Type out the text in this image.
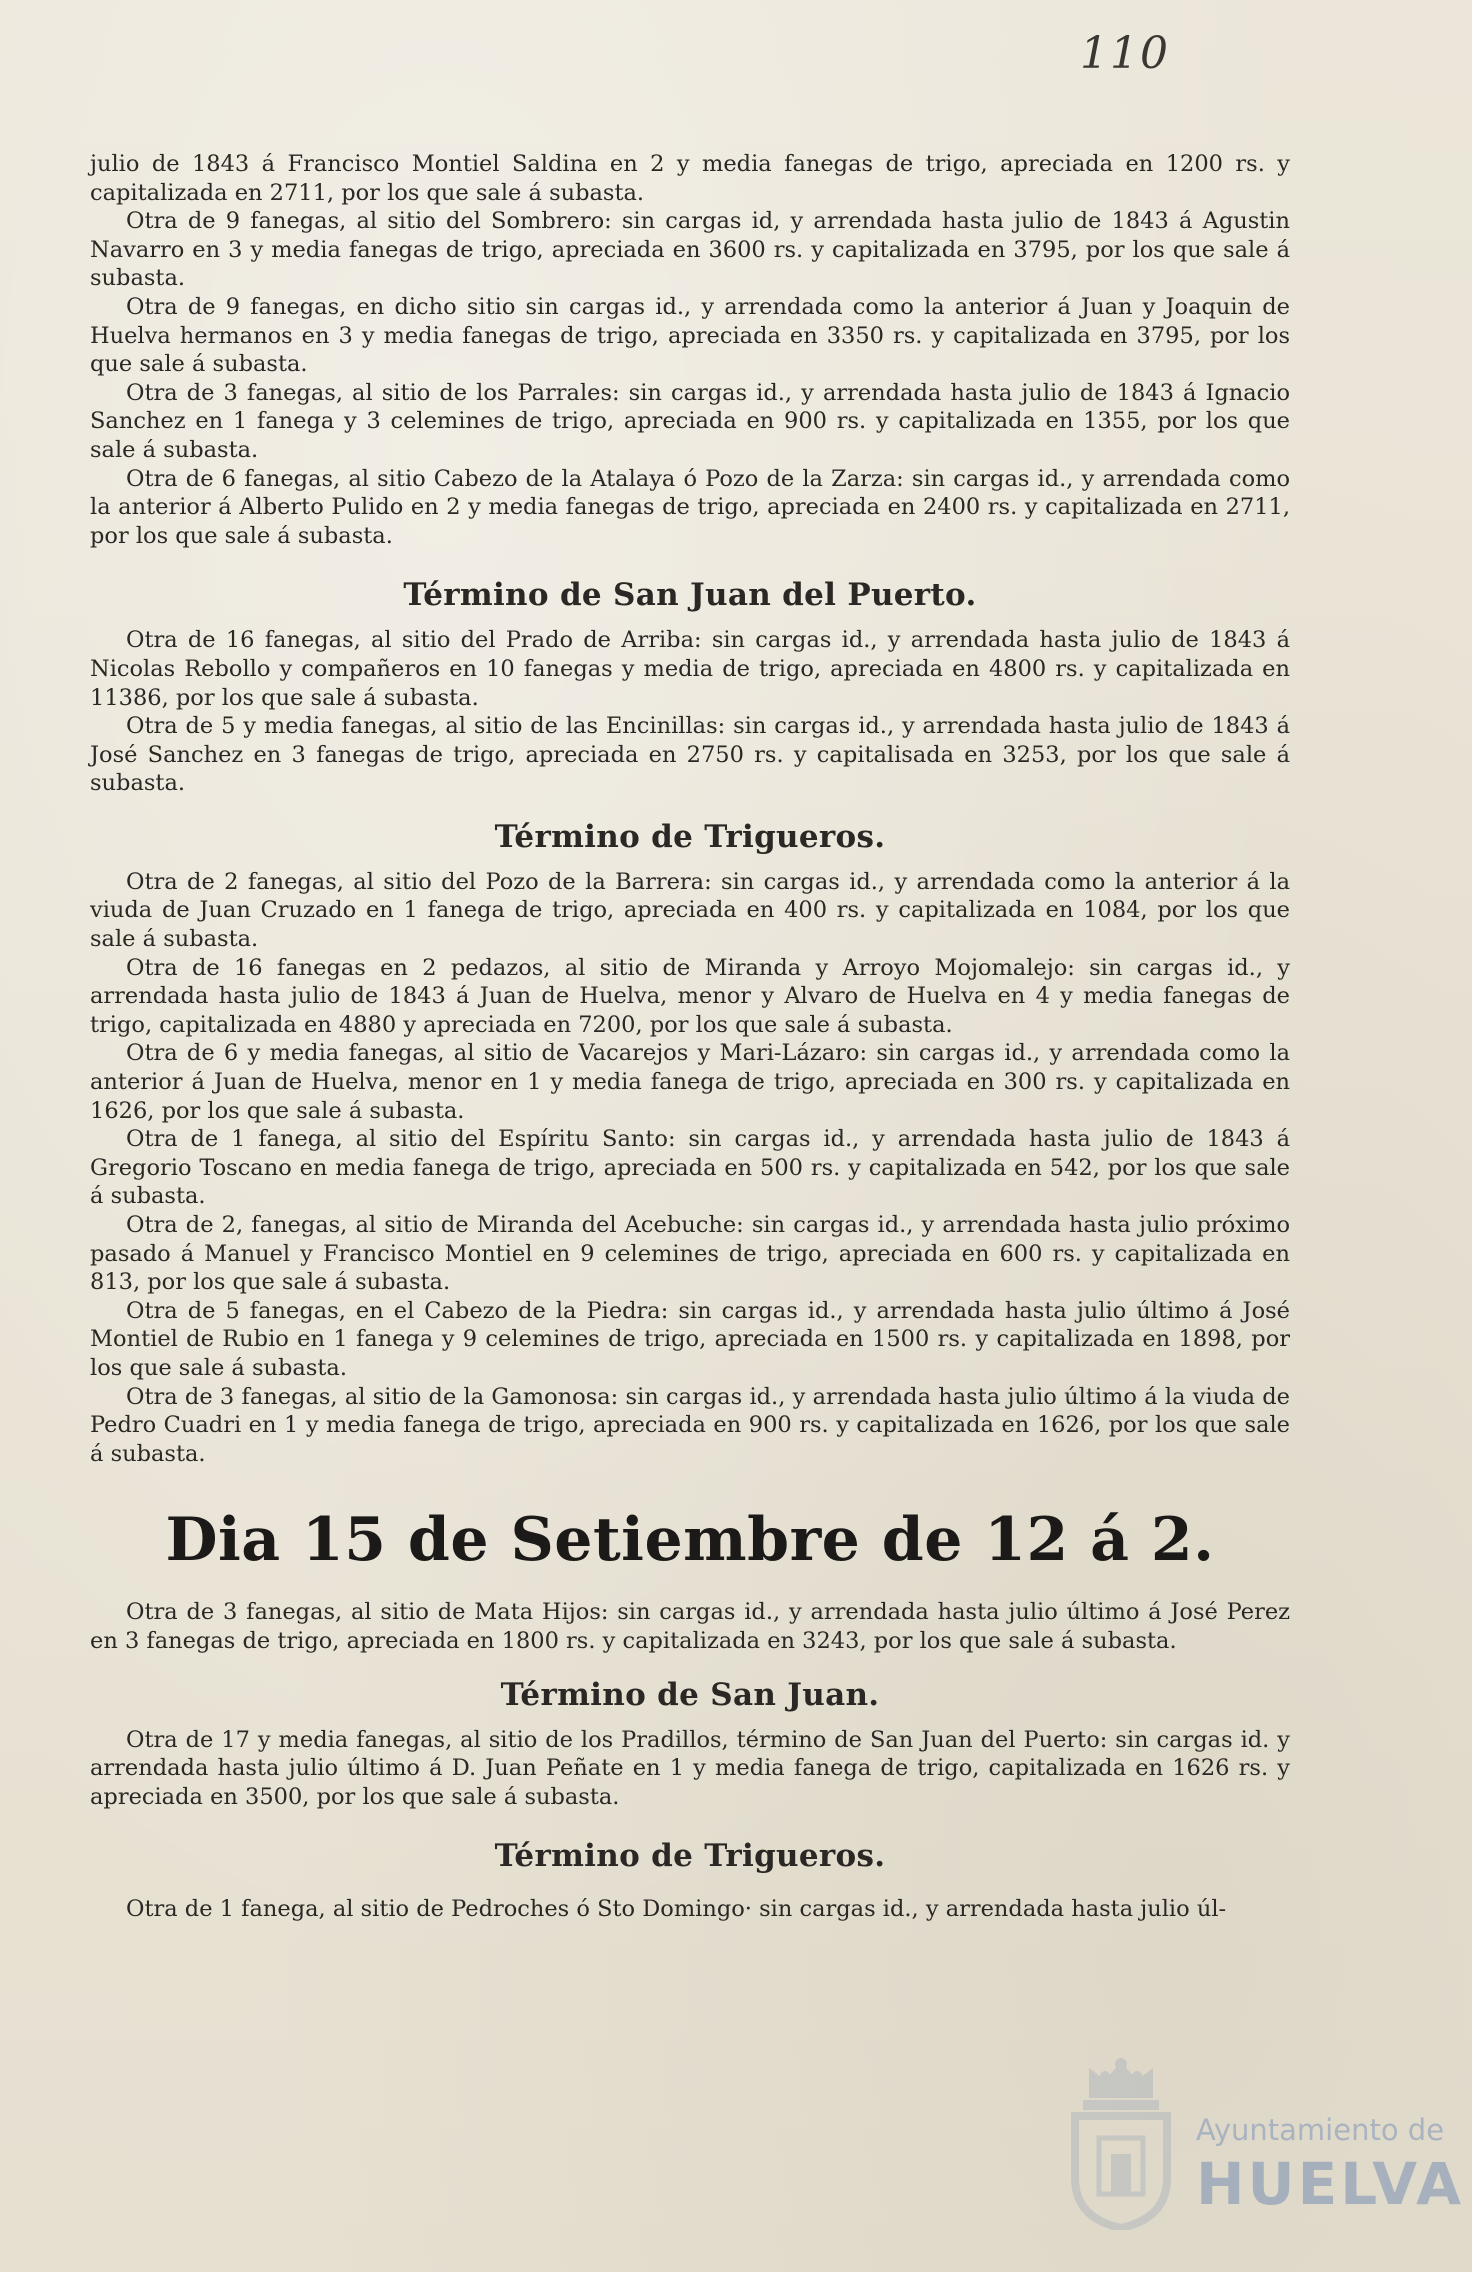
110

julio de 1843 á Francisco Montiel Saldina en 2 y media fanegas de trigo, apreciada en 1200 rs. y capitalizada en 2711, por los que sale á subasta.

Otra de 9 fanegas, al sitio del Sombrero: sin cargas id, y arrendada hasta julio de 1843 á Agustin Navarro en 3 y media fanegas de trigo, apreciada en 3600 rs. y capitalizada en 3795, por los que sale á subasta.

Otra de 9 fanegas, en dicho sitio sin cargas id., y arrendada como la anterior á Juan y Joaquin de Huelva hermanos en 3 y media fanegas de trigo, apreciada en 3350 rs. y capitalizada en 3795, por los que sale á subasta.

Otra de 3 fanegas, al sitio de los Parrales: sin cargas id., y arrendada hasta julio de 1843 á Ignacio Sanchez en 1 fanega y 3 celemines de trigo, apreciada en 900 rs. y capitalizada en 1355, por los que sale á subasta.

Otra de 6 fanegas, al sitio Cabezo de la Atalaya ó Pozo de la Zarza: sin cargas id., y arrendada como la anterior á Alberto Pulido en 2 y media fanegas de trigo, apreciada en 2400 rs. y capitalizada en 2711, por los que sale á subasta.

Término de San Juan del Puerto.

Otra de 16 fanegas, al sitio del Prado de Arriba: sin cargas id., y arrendada hasta julio de 1843 á Nicolas Rebollo y compañeros en 10 fanegas y media de trigo, apreciada en 4800 rs. y capitalizada en 11386, por los que sale á subasta.

Otra de 5 y media fanegas, al sitio de las Encinillas: sin cargas id., y arrendada hasta julio de 1843 á José Sanchez en 3 fanegas de trigo, apreciada en 2750 rs. y capitalisada en 3253, por los que sale á subasta.

Término de Trigueros.

Otra de 2 fanegas, al sitio del Pozo de la Barrera: sin cargas id., y arrendada como la anterior á la viuda de Juan Cruzado en 1 fanega de trigo, apreciada en 400 rs. y capitalizada en 1084, por los que sale á subasta.

Otra de 16 fanegas en 2 pedazos, al sitio de Miranda y Arroyo Mojomalejo: sin cargas id., y arrendada hasta julio de 1843 á Juan de Huelva, menor y Alvaro de Huelva en 4 y media fanegas de trigo, capitalizada en 4880 y apreciada en 7200, por los que sale á subasta.

Otra de 6 y media fanegas, al sitio de Vacarejos y Mari-Lázaro: sin cargas id., y arrendada como la anterior á Juan de Huelva, menor en 1 y media fanega de trigo, apreciada en 300 rs. y capitalizada en 1626, por los que sale á subasta.

Otra de 1 fanega, al sitio del Espíritu Santo: sin cargas id., y arrendada hasta julio de 1843 á Gregorio Toscano en media fanega de trigo, apreciada en 500 rs. y capitalizada en 542, por los que sale á subasta.

Otra de 2, fanegas, al sitio de Miranda del Acebuche: sin cargas id., y arrendada hasta julio próximo pasado á Manuel y Francisco Montiel en 9 celemines de trigo, apreciada en 600 rs. y capitalizada en 813, por los que sale á subasta.

Otra de 5 fanegas, en el Cabezo de la Piedra: sin cargas id., y arrendada hasta julio último á José Montiel de Rubio en 1 fanega y 9 celemines de trigo, apreciada en 1500 rs. y capitalizada en 1898, por los que sale á subasta.

Otra de 3 fanegas, al sitio de la Gamonosa: sin cargas id., y arrendada hasta julio último á la viuda de Pedro Cuadri en 1 y media fanega de trigo, apreciada en 900 rs. y capitalizada en 1626, por los que sale á subasta.

Dia 15 de Setiembre de 12 á 2.

Otra de 3 fanegas, al sitio de Mata Hijos: sin cargas id., y arrendada hasta julio último á José Perez en 3 fanegas de trigo, apreciada en 1800 rs. y capitalizada en 3243, por los que sale á subasta.

Término de San Juan.

Otra de 17 y media fanegas, al sitio de los Pradillos, término de San Juan del Puerto: sin cargas id. y arrendada hasta julio último á D. Juan Peñate en 1 y media fanega de trigo, capitalizada en 1626 rs. y apreciada en 3500, por los que sale á subasta.

Término de Trigueros.

Otra de 1 fanega, al sitio de Pedroches ó Sto Domingo· sin cargas id., y arrendada hasta julio úl-

Ayuntamiento de
HUELVA
